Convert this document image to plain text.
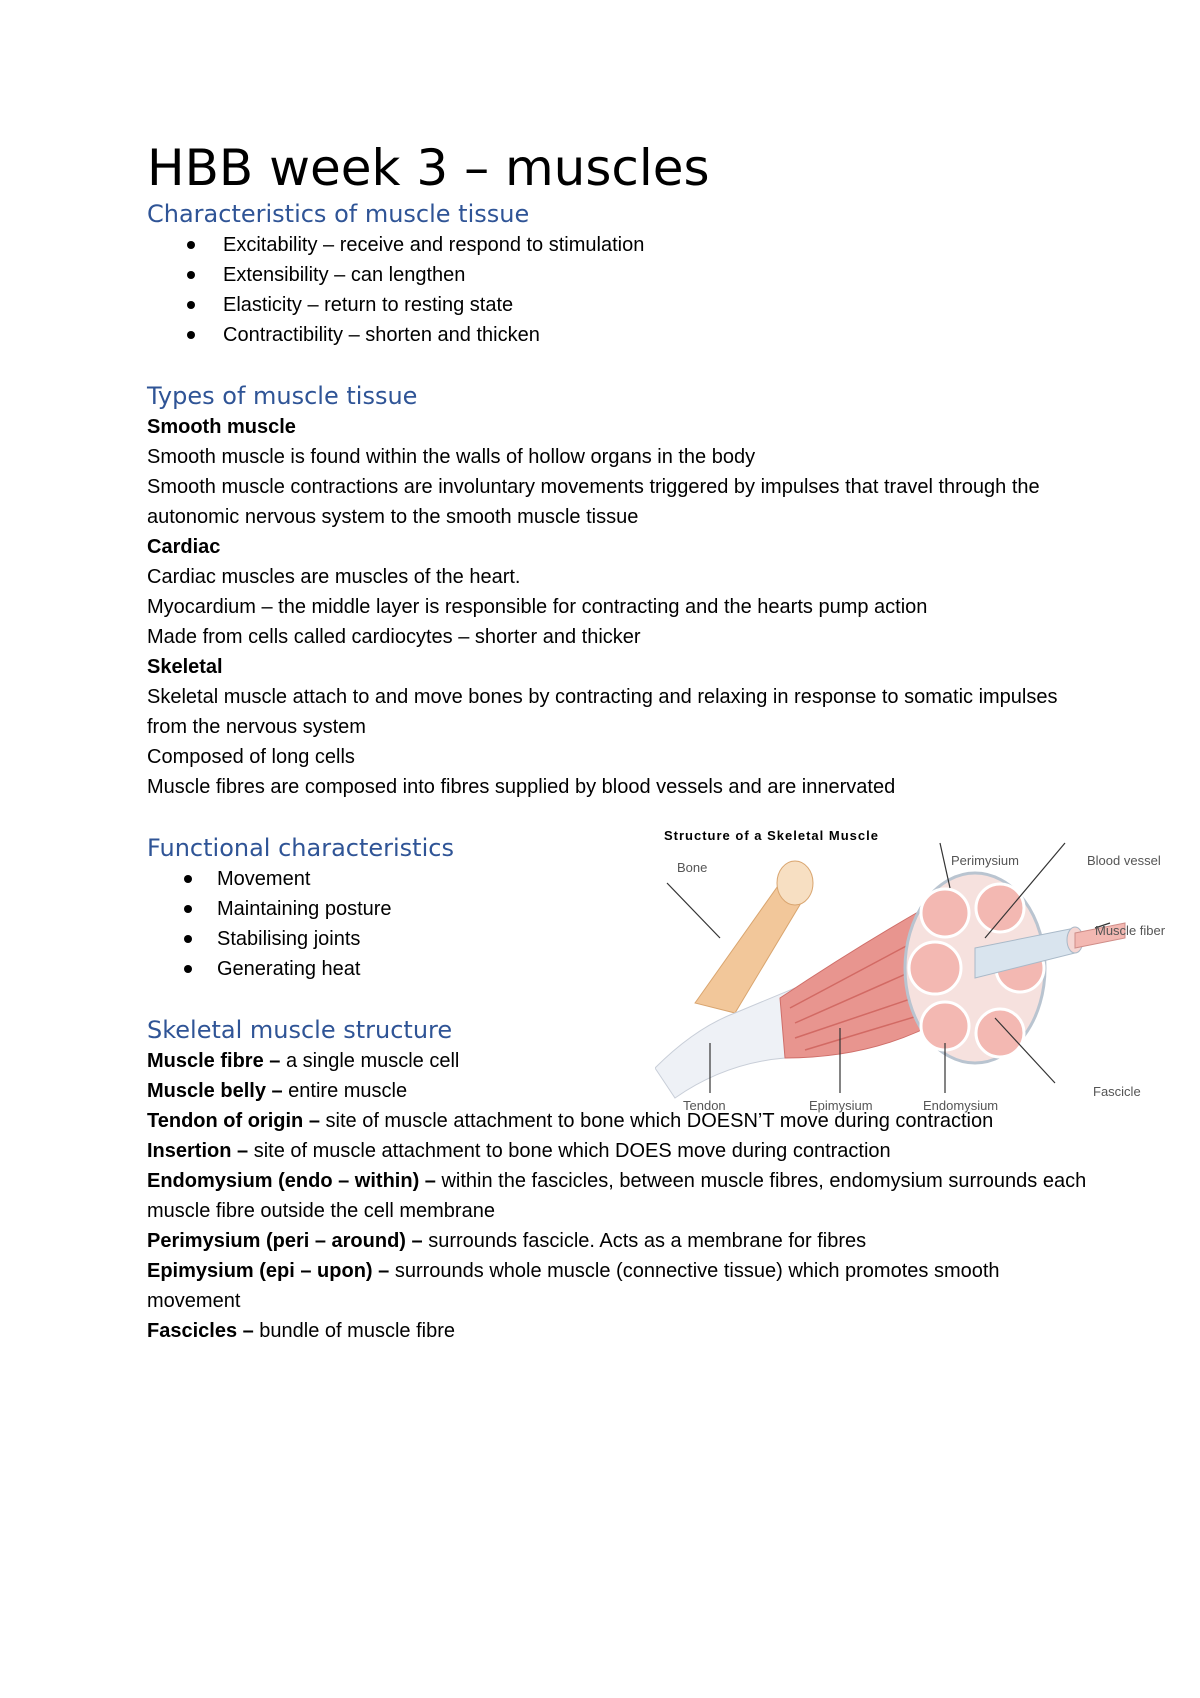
HBB week 3 – muscles
Characteristics of muscle tissue
Excitability – receive and respond to stimulation
Extensibility – can lengthen
Elasticity – return to resting state
Contractibility – shorten and thicken
Types of muscle tissue

Smooth muscle

Smooth muscle is found within the walls of hollow organs in the body

Smooth muscle contractions are involuntary movements triggered by impulses that travel through the autonomic nervous system to the smooth muscle tissue

Cardiac

Cardiac muscles are muscles of the heart.

Myocardium – the middle layer is responsible for contracting and the hearts pump action

Made from cells called cardiocytes – shorter and thicker

Skeletal

Skeletal muscle attach to and move bones by contracting and relaxing in response to somatic impulses from the nervous system

Composed of long cells

Muscle fibres are composed into fibres supplied by blood vessels and are innervated

Functional characteristics
Movement
Maintaining posture
Stabilising joints
Generating heat
Skeletal muscle structure

Muscle fibre – a single muscle cell

Muscle belly – entire muscle

Tendon of origin – site of muscle attachment to bone which DOESN’T move during contraction

Insertion – site of muscle attachment to bone which DOES move during contraction

Endomysium (endo – within) – within the fascicles, between muscle fibres, endomysium surrounds each muscle fibre outside the cell membrane

Perimysium (peri – around) – surrounds fascicle. Acts as a membrane for fibres

Epimysium (epi – upon) – surrounds whole muscle (connective tissue) which promotes smooth movement

Fascicles – bundle of muscle fibre

Structure of a Skeletal Muscle
Bone	Perimysium	Blood vessel
Muscle fiber
Tendon	Epimysium	Endomysium
Fascicle
